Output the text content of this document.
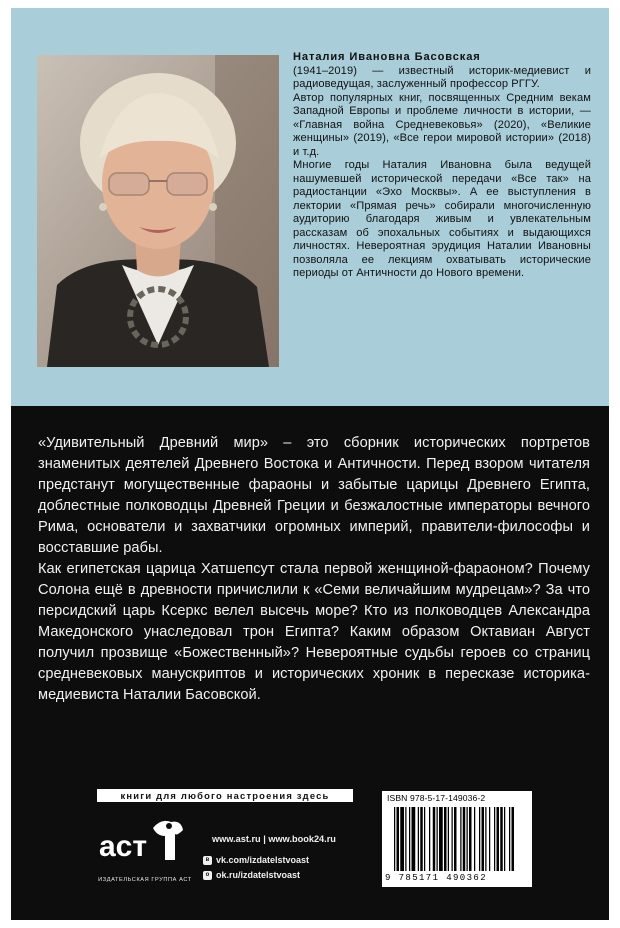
Наталия Ивановна Басовская
(1941–2019) — известный историк-медиевист и радиоведущая, заслуженный профессор РГГУ.

Автор популярных книг, посвященных Средним векам Западной Европы и проблеме личности в истории, — «Главная война Средневековья» (2020), «Великие женщины» (2019), «Все герои мировой истории» (2018) и т.д.

Многие годы Наталия Ивановна была ведущей нашумевшей исторической передачи «Все так» на радиостанции «Эхо Москвы». А ее выступления в лектории «Прямая речь» собирали многочисленную аудиторию благодаря живым и увлекательным рассказам об эпохальных событиях и выдающихся личностях. Невероятная эрудиция Наталии Ивановны позволяла ее лекциям охватывать исторические периоды от Античности до Нового времени.

«Удивительный Древний мир» – это сборник исторических портретов знаменитых деятелей Древнего Востока и Античности. Перед взором читателя предстанут могущественные фараоны и забытые царицы Древнего Египта, доблестные полководцы Древней Греции и безжалостные императоры вечного Рима, основатели и захватчики огромных империй, правители-философы и восставшие рабы.

Как египетская царица Хатшепсут стала первой женщиной-фараоном? Почему Солона ещё в древности причислили к «Семи величайшим мудрецам»? За что персидский царь Ксеркс велел высечь море? Кто из полководцев Александра Македонского унаследовал трон Египта? Каким образом Октавиан Август получил прозвище «Божественный»? Невероятные судьбы героев со страниц средневековых манускриптов и исторических хроник в пересказе историка-медиевиста Наталии Басовской.

книги для любого настроения здесь
аст
ИЗДАТЕЛЬСКАЯ ГРУППА АСТ
www.ast.ru | www.book24.ru
в vk.com/izdatelstvoast
о ok.ru/izdatelstvoast
ISBN 978-5-17-149036-2
9 785171 490362
